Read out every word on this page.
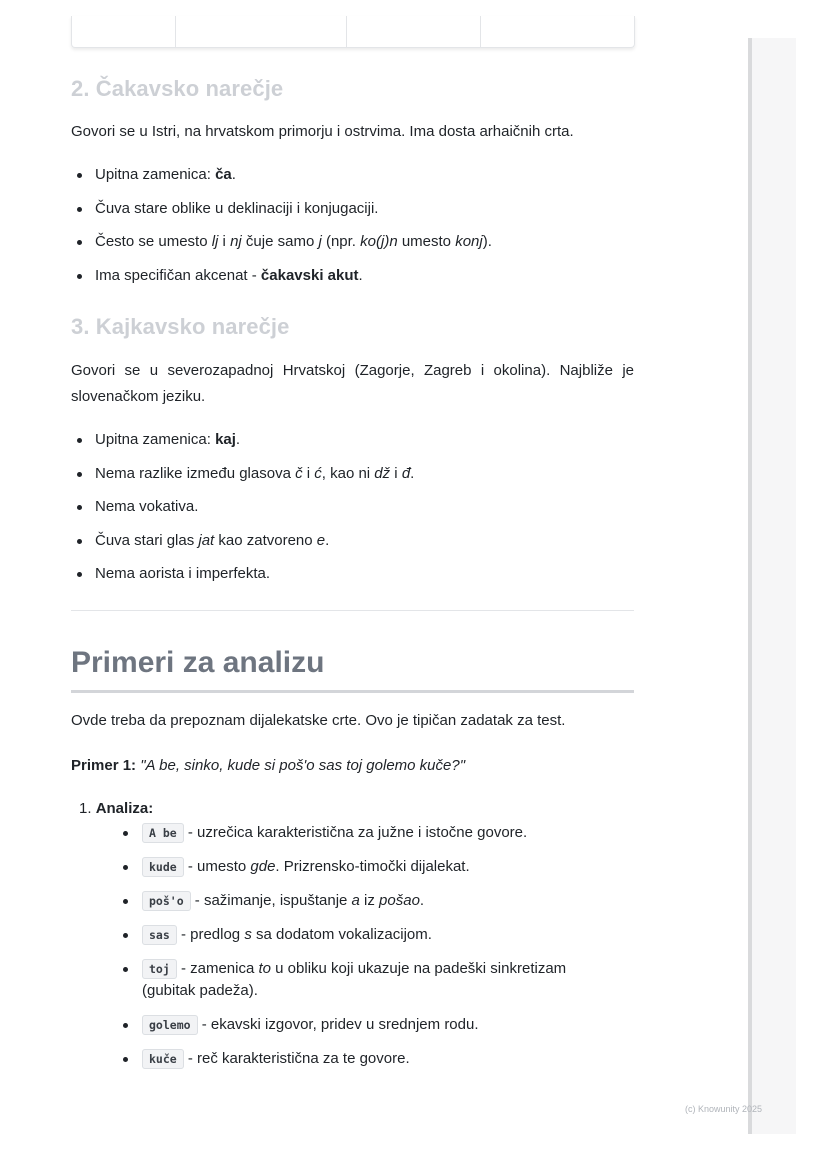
2. Čakavsko narečje

Govori se u Istri, na hrvatskom primorju i ostrvima. Ima dosta arhaičnih crta.

Upitna zamenica: ča.
Čuva stare oblike u deklinaciji i konjugaciji.
Često se umesto lj i nj čuje samo j (npr. ko(j)n umesto konj).
Ima specifičan akcenat - čakavski akut.
3. Kajkavsko narečje

Govori se u severozapadnoj Hrvatskoj (Zagorje, Zagreb i okolina). Najbliže je slovenačkom jeziku.

Upitna zamenica: kaj.
Nema razlike između glasova č i ć, kao ni dž i đ.
Nema vokativa.
Čuva stari glas jat kao zatvoreno e.
Nema aorista i imperfekta.
Primeri za analizu

Ovde treba da prepoznam dijalekatske crte. Ovo je tipičan zadatak za test.

Primer 1: "A be, sinko, kude si poš'o sas toj golemo kuče?"

1. Analiza:
A be - uzrečica karakteristična za južne i istočne govore.
kude - umesto gde. Prizrensko-timočki dijalekat.
poš'o - sažimanje, ispuštanje a iz pošao.
sas - predlog s sa dodatom vokalizacijom.
toj - zamenica to u obliku koji ukazuje na padeški sinkretizam (gubitak padeža).
golemo - ekavski izgovor, pridev u srednjem rodu.
kuče - reč karakteristična za te govore.
(c) Knowunity 2025
